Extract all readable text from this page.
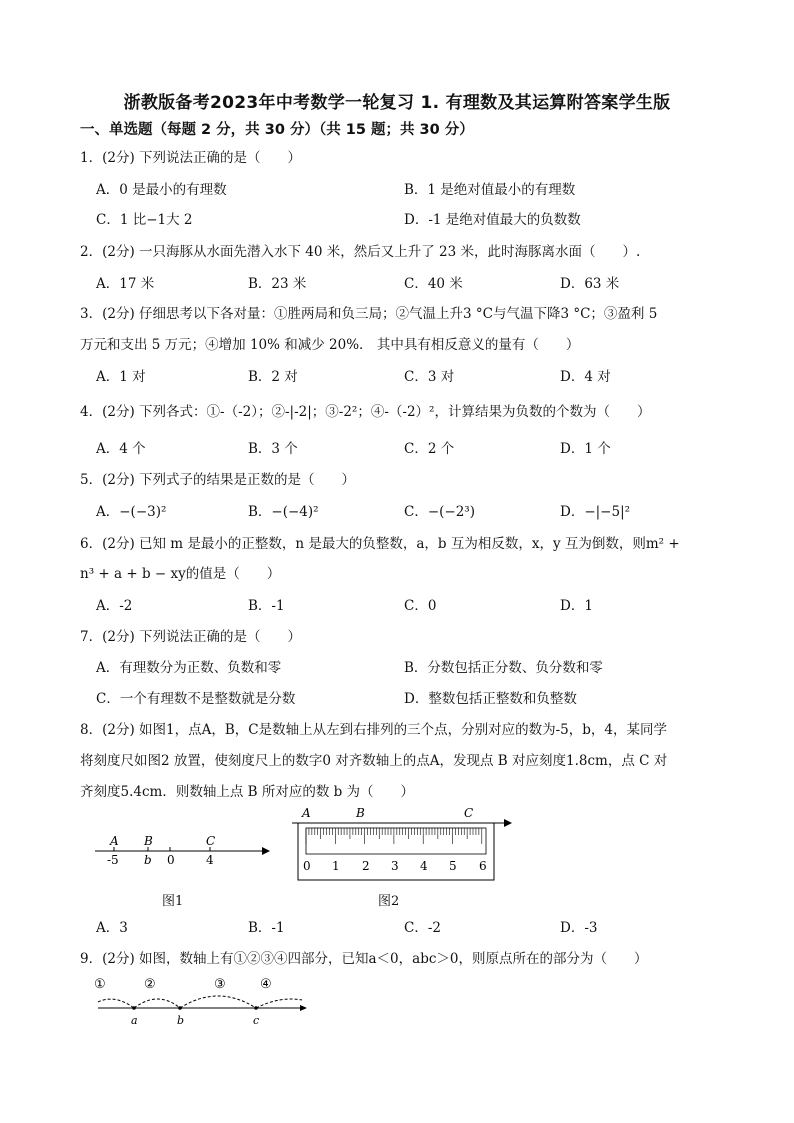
浙教版备考2023年中考数学一轮复习 1. 有理数及其运算附答案学生版
一、单选题（每题 2 分，共 30 分）（共 15 题；共 30 分）
1．(2分) 下列说法正确的是（　　）
A．0 是最小的有理数	B．1 是绝对值最小的有理数
C．1 比−1大 2	D．-1 是绝对值最大的负数数
2．(2分) 一只海豚从水面先潜入水下 40 米，然后又上升了 23 米，此时海豚离水面（　　）.
A．17 米	B．23 米	C．40 米	D．63 米
3．(2分) 仔细思考以下各对量：①胜两局和负三局；②气温上升3 °C与气温下降3 °C；③盈利 5
万元和支出 5 万元；④增加 10% 和减少 20%． 其中具有相反意义的量有（　　）
A．1 对	B．2 对	C．3 对	D．4 对
4．(2分) 下列各式：①-（-2）；②-|-2|；③-2²；④-（-2）²，计算结果为负数的个数为（　　）
A．4 个	B．3 个	C．2 个	D．1 个
5．(2分) 下列式子的结果是正数的是（　　）
A．−(−3)²	B．−(−4)²	C．−(−2³)	D．−|−5|²
6．(2分) 已知 m 是最小的正整数，n 是最大的负整数，a，b 互为相反数，x，y 互为倒数，则m² +
n³ + a + b − xy的值是（　　）
A．-2	B．-1	C．0	D．1
7．(2分) 下列说法正确的是（　　）
A．有理数分为正数、负数和零	B．分数包括正分数、负分数和零
C．一个有理数不是整数就是分数	D．整数包括正整数和负整数
8．(2分) 如图1，点A，B，C是数轴上从左到右排列的三个点，分别对应的数为-5，b，4，某同学
将刻度尺如图2 放置，使刻度尺上的数字0 对齐数轴上的点A，发现点 B 对应刻度1.8cm，点 C 对
齐刻度5.4cm．则数轴上点 B 所对应的数 b 为（　　）
A B	C
-5 b 0	4
图1
A	B	C
0 1 2 3 4 5 6
图2
A．3	B．-1	C．-2	D．-3
9．(2分) 如图，数轴上有①②③④四部分，已知a＜0，abc＞0，则原点所在的部分为（　　）
①	②	③	④
a	b	c
